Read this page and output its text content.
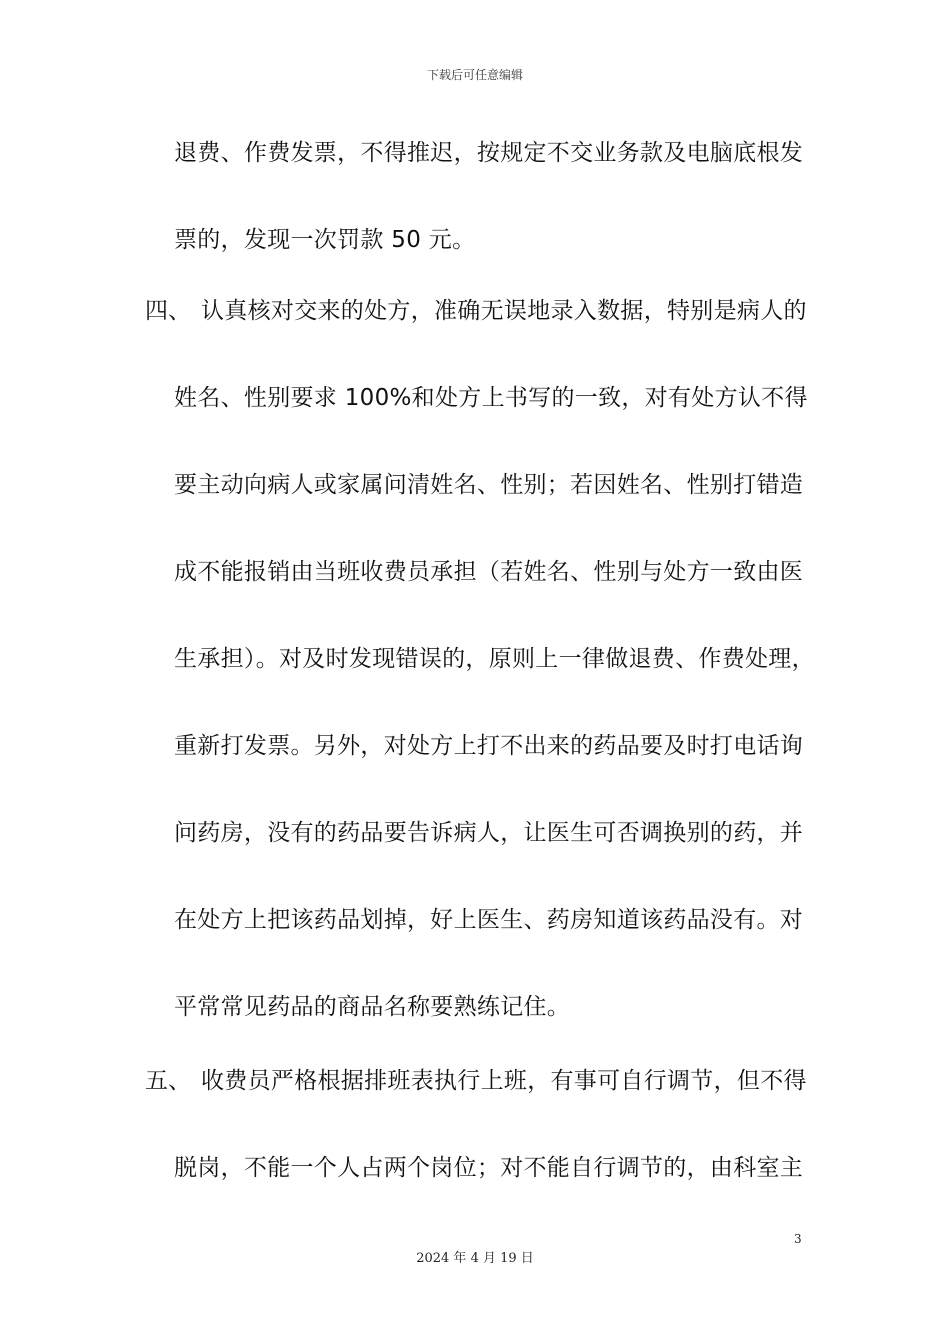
下载后可任意编辑
退费、作费发票，不得推迟，按规定不交业务款及电脑底根发
票的，发现一次罚款 50 元。
四、 认真核对交来的处方，准确无误地录入数据，特别是病人的
姓名、性别要求 100%和处方上书写的一致，对有处方认不得
要主动向病人或家属问清姓名、性别；若因姓名、性别打错造
成不能报销由当班收费员承担（若姓名、性别与处方一致由医
生承担）。对及时发现错误的，原则上一律做退费、作费处理，
重新打发票。另外，对处方上打不出来的药品要及时打电话询
问药房，没有的药品要告诉病人，让医生可否调换别的药，并
在处方上把该药品划掉，好上医生、药房知道该药品没有。对
平常常见药品的商品名称要熟练记住。
五、 收费员严格根据排班表执行上班，有事可自行调节，但不得
脱岗，不能一个人占两个岗位；对不能自行调节的，由科室主
3
2024 年 4 月 19 日
